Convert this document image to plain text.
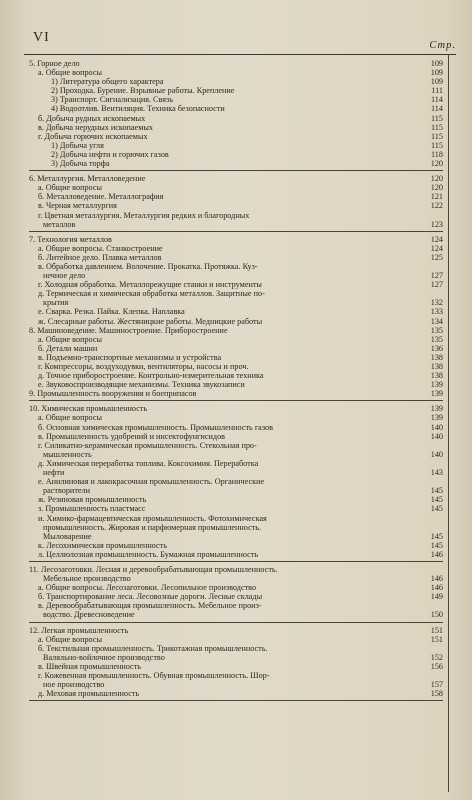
VI
Стр.
5. Горное дело	109
а. Общие вопросы	109
1) Литература общего характера	109
2) Проходка. Бурение. Взрывные работы. Крепление	111
3) Транспорт. Сигнализация. Связь	114
4) Водоотлив. Вентиляция. Техника безопасности	114
б. Добыча рудных ископаемых	115
в. Добыча нерудных ископаемых	115
г. Добыча горючих ископаемых	115
1) Добыча угля	115
2) Добыча нефти и горючих газов	118
3) Добыча торфа	120
6. Металлургия. Металловедение	120
а. Общие вопросы	120
б. Металловедение. Металлография	121
в. Черная металлургия	122
г. Цветная металлургия. Металлургия редких и благородных
металлов	123
7. Технология металлов	124
а. Общие вопросы. Станкостроение	124
б. Литейное дело. Плавка металлов	125
в. Обработка давлением. Волочение. Прокатка. Протяжка. Куз-
нечное дело	127
г. Холодная обработка. Металлорежущие станки и инструменты	127
д. Термическая и химическая обработка металлов. Защитные по-
крытия	132
е. Сварка. Резка. Пайка. Клепка. Наплавка	133
ж. Слесарные работы. Жестяницкие работы. Медницкие работы	134
8. Машиноведение. Машиностроение. Приборостроение	135
а. Общие вопросы	135
б. Детали машин	136
в. Подъемно-транспортные механизмы и устройства	138
г. Компрессоры, воздуходувки, вентиляторы, насосы и проч.	138
д. Точное приборостроение. Контрольно-измерительная техника	138
е. Звуковоспроизводящие механизмы. Техника звукозаписи	139
9. Промышленность вооружения и боеприпасов	139
10. Химическая промышленность	139
а. Общие вопросы	139
б. Основная химическая промышленность. Промышленность газов	140
в. Промышленность удобрений и инсектофунгисидов	140
г. Силикатно-керамическая промышленность. Стекольная про-
мышленность	140
д. Химическая переработка топлива. Коксохимия. Переработка
нефти	143
е. Анилиновая и лакокрасочная промышленность. Органические
растворители	145
ж. Резиновая промышленность	145
з. Промышленность пластмасс	145
и. Химико-фармацевтическая промышленность. Фотохимическая
промышленность. Жировая и парфюмерная промышленность.
Мыловарение	145
к. Лесохимическая промышленность	145
л. Целлюлозная промышленность. Бумажная промышленность	146
11. Лесозаготовки. Лесная и деревообрабатывающая промышленность.
Мебельное производство	146
а. Общие вопросы. Лесозаготовки. Лесопильное производство	146
б. Транспортирование леса. Лесовозные дороги. Лесные склады	149
в. Деревообрабатывающая промышленность. Мебельное произ-
водство. Древесноведение	150
12. Легкая промышленность	151
а. Общие вопросы	151
б. Текстильная промышленность. Трикотажная промышленность.
Валяльно-войлочное производство	152
в. Швейная промышленность	156
г. Кожевенная промышленность. Обувная промышленность. Шор-
ное производство	157
д. Меховая промышленность	158
